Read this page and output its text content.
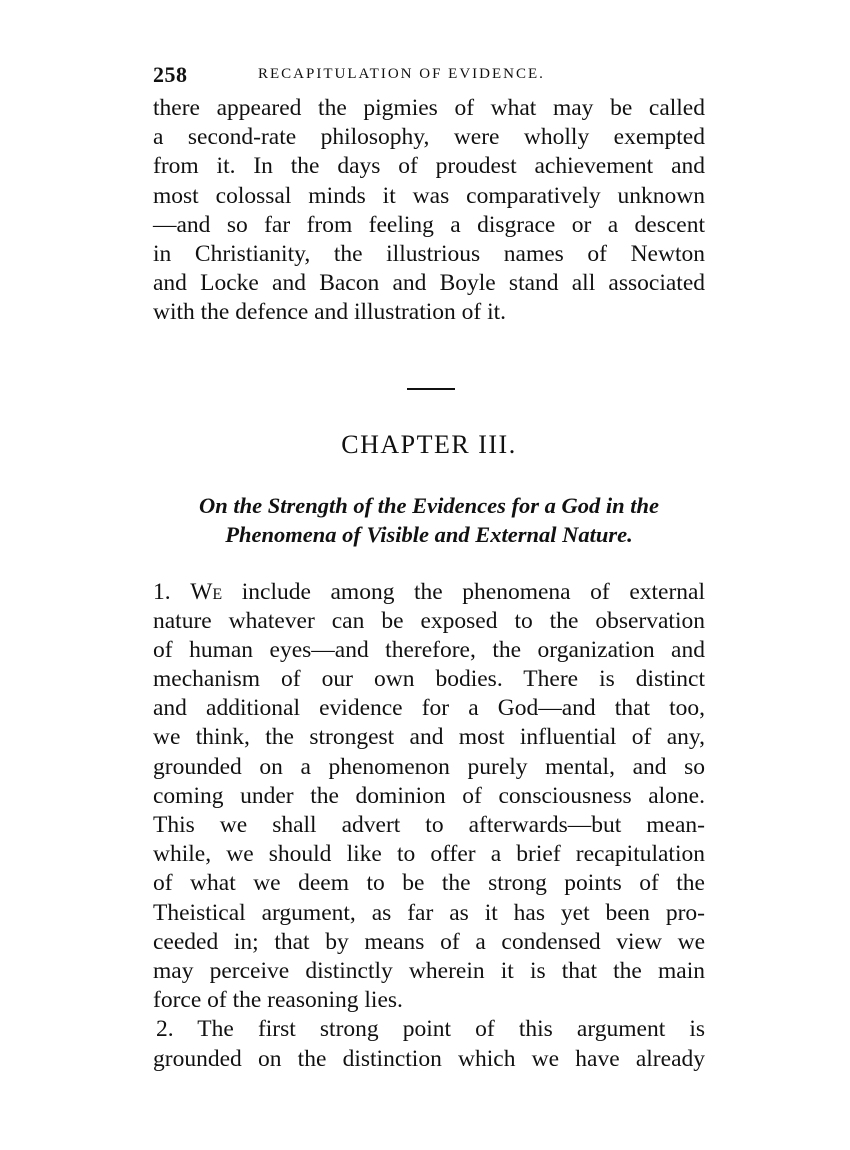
258	RECAPITULATION OF EVIDENCE.
there appeared the pigmies of what may be called
a second-rate philosophy, were wholly exempted
from it. In the days of proudest achievement and
most colossal minds it was comparatively unknown
—and so far from feeling a disgrace or a descent
in Christianity, the illustrious names of Newton
and Locke and Bacon and Boyle stand all associated
with the defence and illustration of it.
CHAPTER III.
On the Strength of the Evidences for a God in the
Phenomena of Visible and External Nature.
1. We include among the phenomena of external
nature whatever can be exposed to the observation
of human eyes—and therefore, the organization and
mechanism of our own bodies. There is distinct
and additional evidence for a God—and that too,
we think, the strongest and most influential of any,
grounded on a phenomenon purely mental, and so
coming under the dominion of consciousness alone.
This we shall advert to afterwards—but mean-
while, we should like to offer a brief recapitulation
of what we deem to be the strong points of the
Theistical argument, as far as it has yet been pro-
ceeded in; that by means of a condensed view we
may perceive distinctly wherein it is that the main
force of the reasoning lies.
2. The first strong point of this argument is
grounded on the distinction which we have already
